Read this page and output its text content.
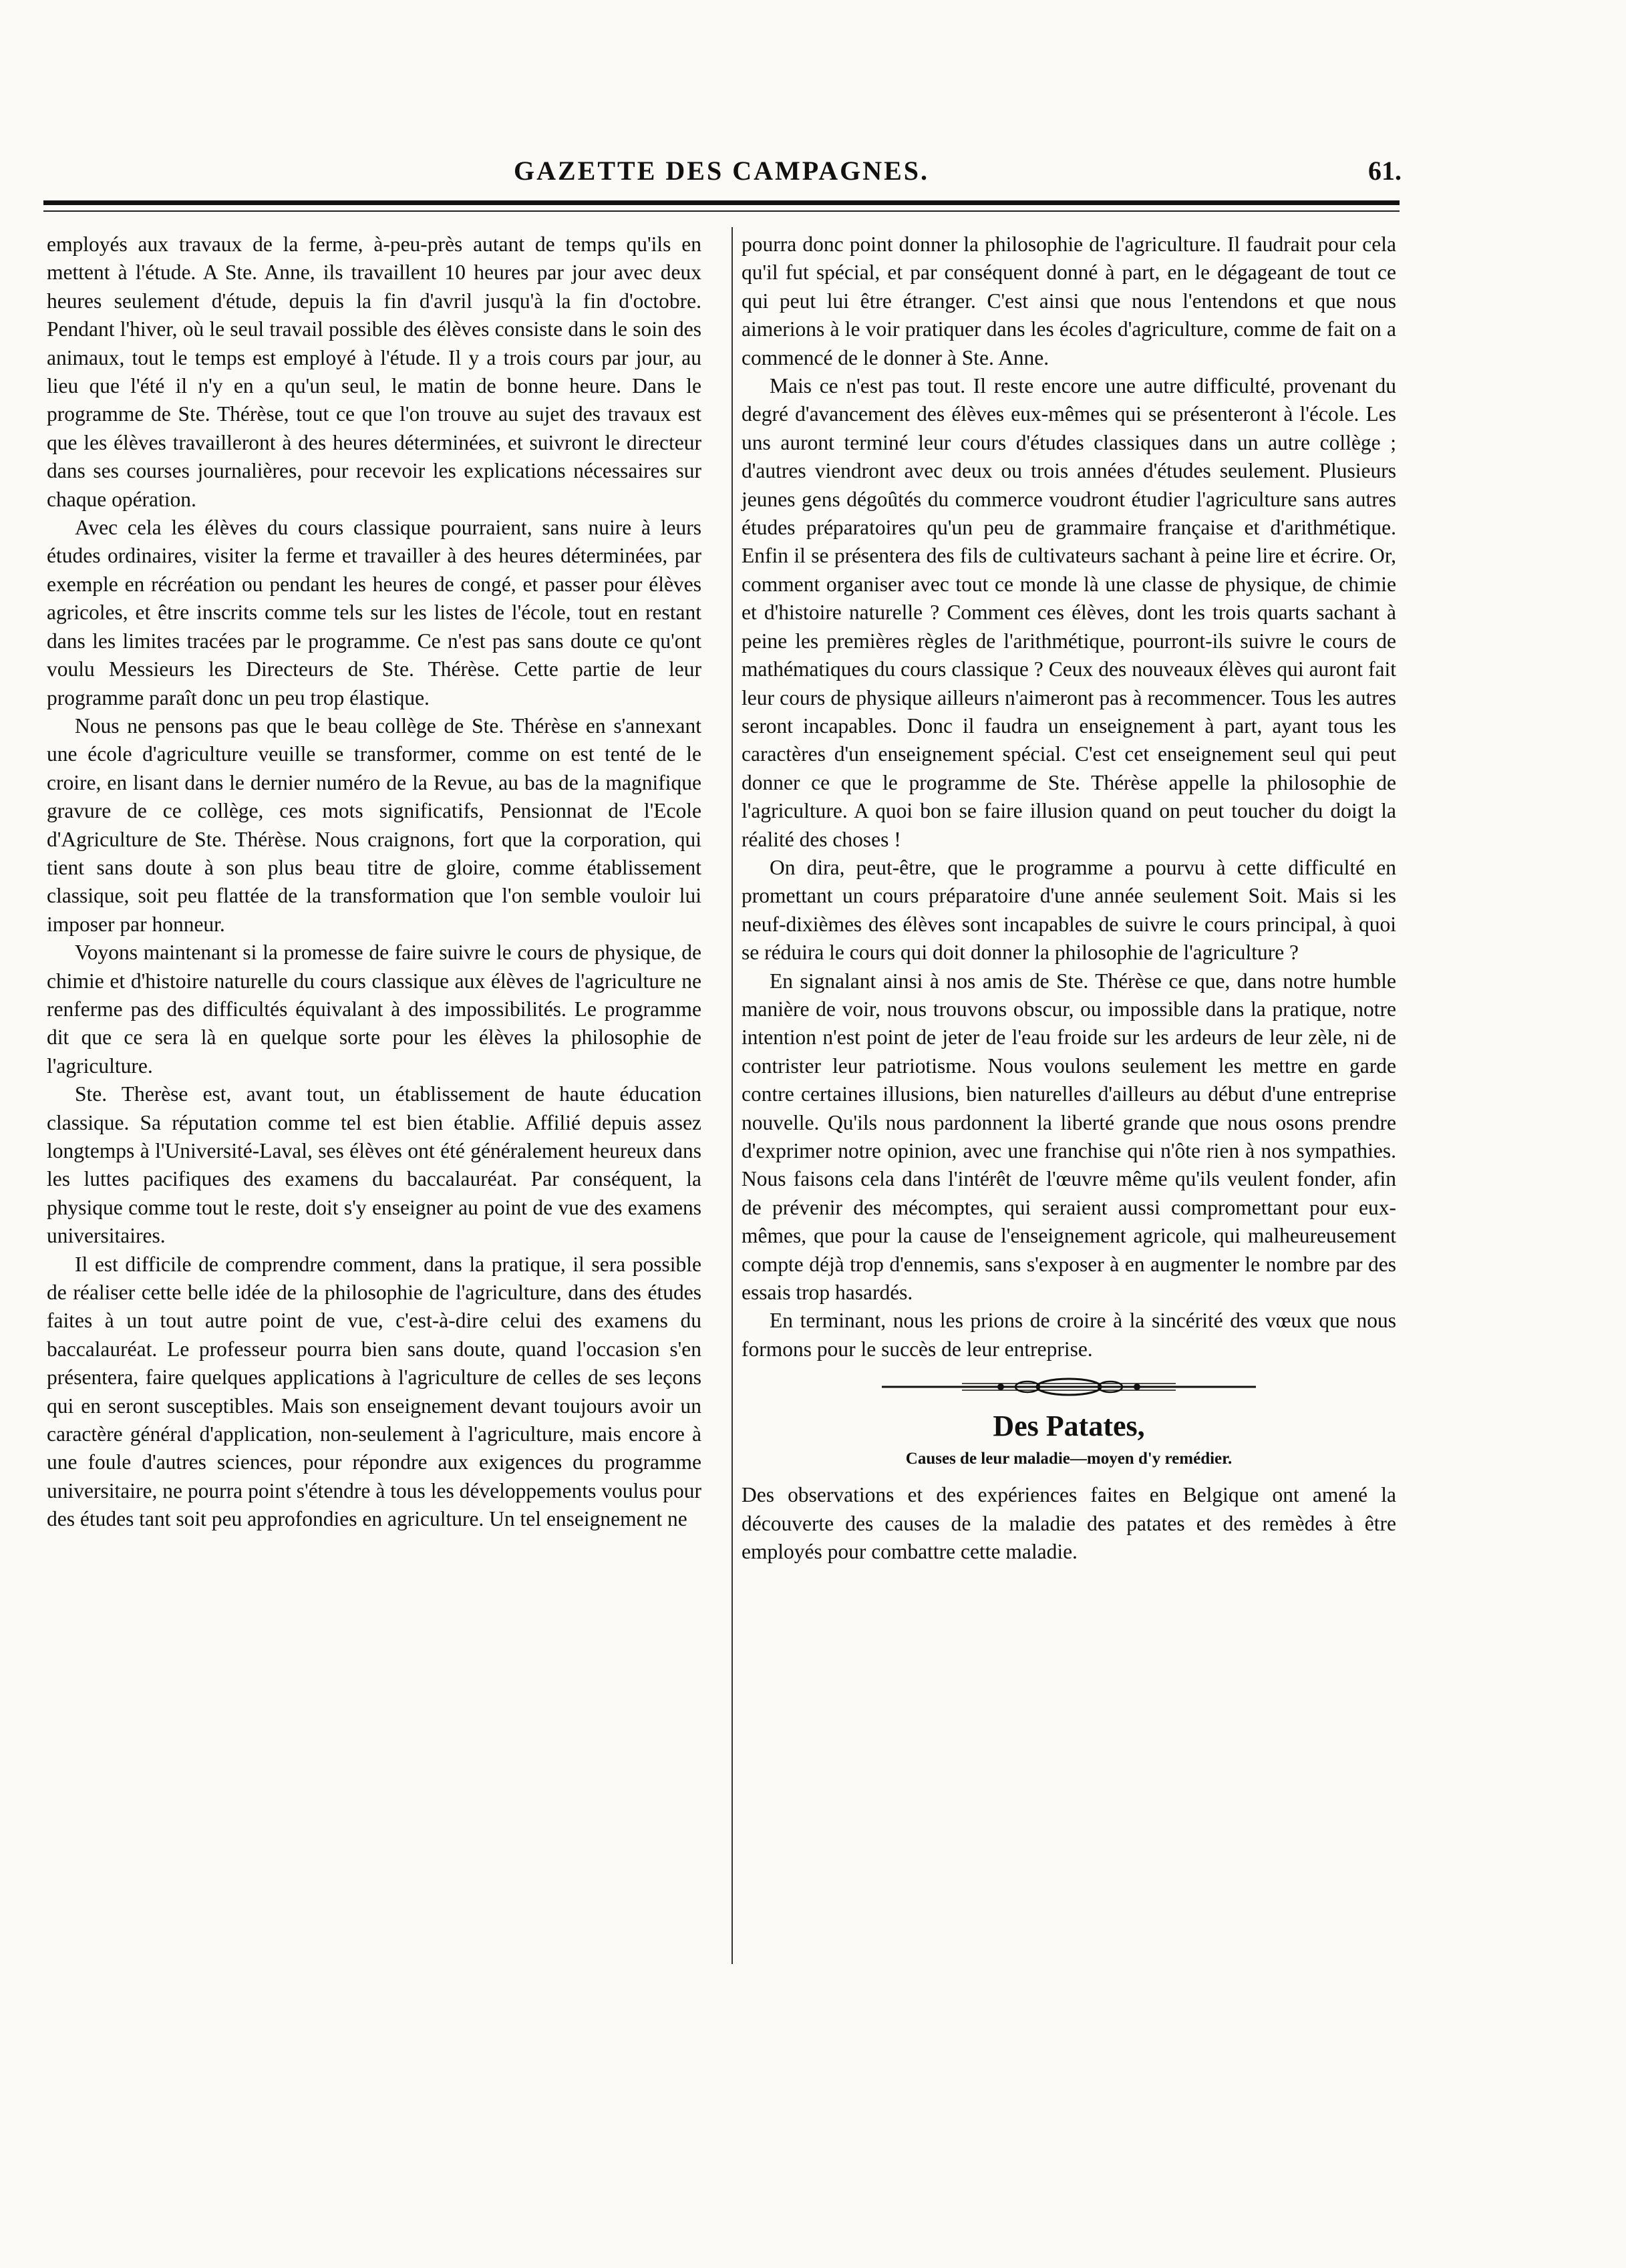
GAZETTE DES CAMPAGNES.	61.

employés aux travaux de la ferme, à-peu-près autant de temps qu'ils en mettent à l'étude. A Ste. Anne, ils travaillent 10 heures par jour avec deux heures seulement d'étude, depuis la fin d'avril jusqu'à la fin d'octobre. Pendant l'hiver, où le seul travail possible des élèves consiste dans le soin des animaux, tout le temps est employé à l'étude. Il y a trois cours par jour, au lieu que l'été il n'y en a qu'un seul, le matin de bonne heure. Dans le programme de Ste. Thérèse, tout ce que l'on trouve au sujet des travaux est que les élèves travailleront à des heures déterminées, et suivront le directeur dans ses courses journalières, pour recevoir les explications nécessaires sur chaque opération.

Avec cela les élèves du cours classique pourraient, sans nuire à leurs études ordinaires, visiter la ferme et travailler à des heures déterminées, par exemple en récréation ou pendant les heures de congé, et passer pour élèves agricoles, et être inscrits comme tels sur les listes de l'école, tout en restant dans les limites tracées par le programme. Ce n'est pas sans doute ce qu'ont voulu Messieurs les Directeurs de Ste. Thérèse. Cette partie de leur programme paraît donc un peu trop élastique.

Nous ne pensons pas que le beau collège de Ste. Thérèse en s'annexant une école d'agriculture veuille se transformer, comme on est tenté de le croire, en lisant dans le dernier numéro de la Revue, au bas de la magnifique gravure de ce collège, ces mots significatifs, Pensionnat de l'Ecole d'Agriculture de Ste. Thérèse. Nous craignons, fort que la corporation, qui tient sans doute à son plus beau titre de gloire, comme établissement classique, soit peu flattée de la transformation que l'on semble vouloir lui imposer par honneur.

Voyons maintenant si la promesse de faire suivre le cours de physique, de chimie et d'histoire naturelle du cours classique aux élèves de l'agriculture ne renferme pas des difficultés équivalant à des impossibilités. Le programme dit que ce sera là en quelque sorte pour les élèves la philosophie de l'agriculture.

Ste. Therèse est, avant tout, un établissement de haute éducation classique. Sa réputation comme tel est bien établie. Affilié depuis assez longtemps à l'Université-Laval, ses élèves ont été généralement heureux dans les luttes pacifiques des examens du baccalauréat. Par conséquent, la physique comme tout le reste, doit s'y enseigner au point de vue des examens universitaires.

Il est difficile de comprendre comment, dans la pratique, il sera possible de réaliser cette belle idée de la philosophie de l'agriculture, dans des études faites à un tout autre point de vue, c'est-à-dire celui des examens du baccalauréat. Le professeur pourra bien sans doute, quand l'occasion s'en présentera, faire quelques applications à l'agriculture de celles de ses leçons qui en seront susceptibles. Mais son enseignement devant toujours avoir un caractère général d'application, non-seulement à l'agriculture, mais encore à une foule d'autres sciences, pour répondre aux exigences du programme universitaire, ne pourra point s'étendre à tous les développements voulus pour des études tant soit peu approfondies en agriculture. Un tel enseignement ne

pourra donc point donner la philosophie de l'agriculture. Il faudrait pour cela qu'il fut spécial, et par conséquent donné à part, en le dégageant de tout ce qui peut lui être étranger. C'est ainsi que nous l'entendons et que nous aimerions à le voir pratiquer dans les écoles d'agriculture, comme de fait on a commencé de le donner à Ste. Anne.

Mais ce n'est pas tout. Il reste encore une autre difficulté, provenant du degré d'avancement des élèves eux-mêmes qui se présenteront à l'école. Les uns auront terminé leur cours d'études classiques dans un autre collège ; d'autres viendront avec deux ou trois années d'études seulement. Plusieurs jeunes gens dégoûtés du commerce voudront étudier l'agriculture sans autres études préparatoires qu'un peu de grammaire française et d'arithmétique. Enfin il se présentera des fils de cultivateurs sachant à peine lire et écrire. Or, comment organiser avec tout ce monde là une classe de physique, de chimie et d'histoire naturelle ? Comment ces élèves, dont les trois quarts sachant à peine les premières règles de l'arithmétique, pourront-ils suivre le cours de mathématiques du cours classique ? Ceux des nouveaux élèves qui auront fait leur cours de physique ailleurs n'aimeront pas à recommencer. Tous les autres seront incapables. Donc il faudra un enseignement à part, ayant tous les caractères d'un enseignement spécial. C'est cet enseignement seul qui peut donner ce que le programme de Ste. Thérèse appelle la philosophie de l'agriculture. A quoi bon se faire illusion quand on peut toucher du doigt la réalité des choses !

On dira, peut-être, que le programme a pourvu à cette difficulté en promettant un cours préparatoire d'une année seulement Soit. Mais si les neuf-dixièmes des élèves sont incapables de suivre le cours principal, à quoi se réduira le cours qui doit donner la philosophie de l'agriculture ?

En signalant ainsi à nos amis de Ste. Thérèse ce que, dans notre humble manière de voir, nous trouvons obscur, ou impossible dans la pratique, notre intention n'est point de jeter de l'eau froide sur les ardeurs de leur zèle, ni de contrister leur patriotisme. Nous voulons seulement les mettre en garde contre certaines illusions, bien naturelles d'ailleurs au début d'une entreprise nouvelle. Qu'ils nous pardonnent la liberté grande que nous osons prendre d'exprimer notre opinion, avec une franchise qui n'ôte rien à nos sympathies. Nous faisons cela dans l'intérêt de l'œuvre même qu'ils veulent fonder, afin de prévenir des mécomptes, qui seraient aussi compromettant pour eux-mêmes, que pour la cause de l'enseignement agricole, qui malheureusement compte déjà trop d'ennemis, sans s'exposer à en augmenter le nombre par des essais trop hasardés.

En terminant, nous les prions de croire à la sincérité des vœux que nous formons pour le succès de leur entreprise.

Des Patates,
Causes de leur maladie—moyen d'y remédier.

Des observations et des expériences faites en Belgique ont amené la découverte des causes de la maladie des patates et des remèdes à être employés pour combattre cette maladie.
